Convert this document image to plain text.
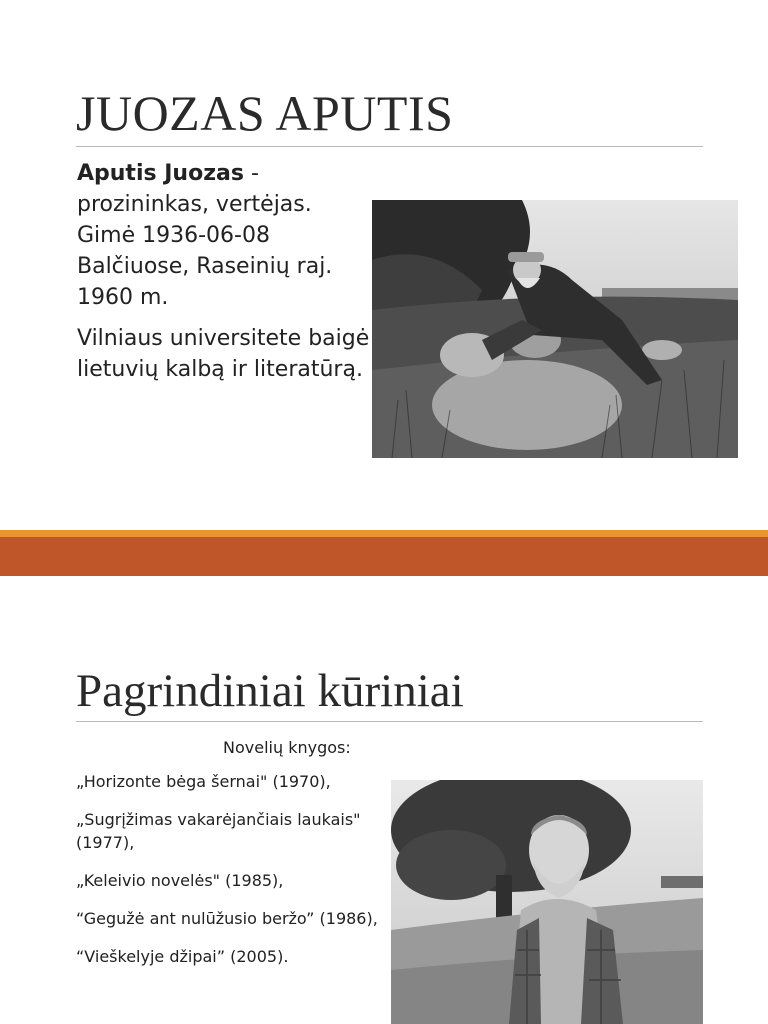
JUOZAS APUTIS

Aputis Juozas -
prozininkas, vertėjas. Gimė 1936-06-08 Balčiuose, Raseinių raj. 1960 m.

Vilniaus universitete baigė lietuvių kalbą ir literatūrą.

Pagrindiniai kūriniai
Novelių knygos:
„Horizonte bėga šernai" (1970),
„Sugrįžimas vakarėjančiais laukais" (1977),
„Keleivio novelės" (1985),
“Gegužė ant nulūžusio beržo” (1986),
“Vieškelyje džipai” (2005).
